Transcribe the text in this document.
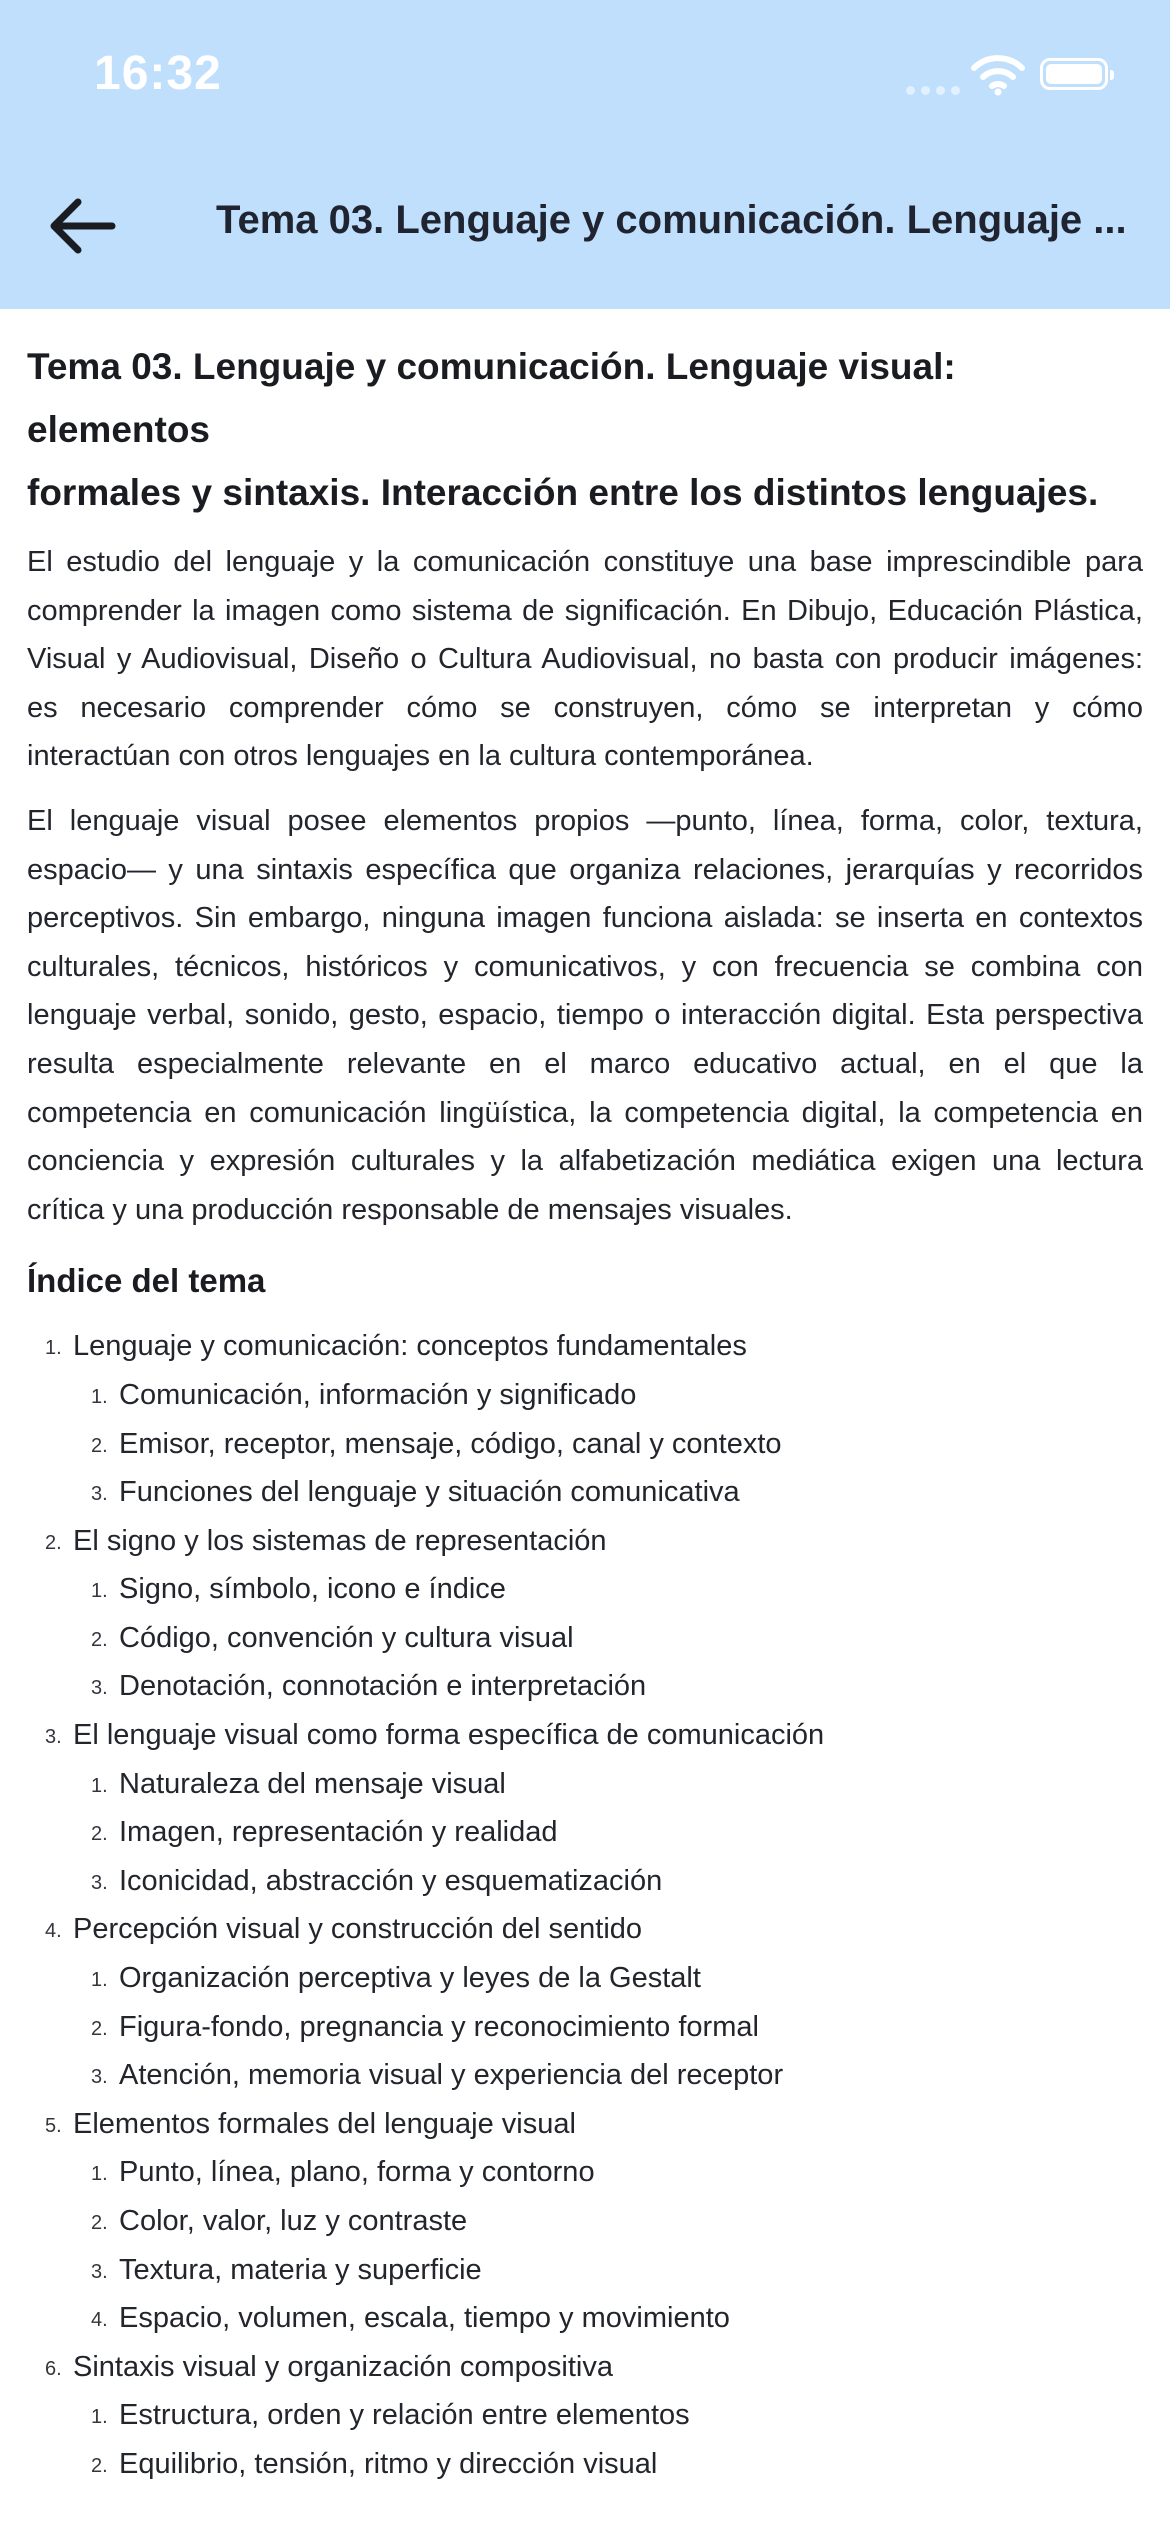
16:32
Tema 03. Lenguaje y comunicación. Lenguaje ...
Tema 03. Lenguaje y comunicación. Lenguaje visual: elementos
formales y sintaxis. Interacción entre los distintos lenguajes.

El estudio del lenguaje y la comunicación constituye una base imprescindible para comprender la imagen como sistema de significación. En Dibujo, Educación Plástica, Visual y Audiovisual, Diseño o Cultura Audiovisual, no basta con producir imágenes: es necesario comprender cómo se construyen, cómo se interpretan y cómo interactúan con otros lenguajes en la cultura contemporánea.

El lenguaje visual posee elementos propios —punto, línea, forma, color, textura, espacio— y una sintaxis específica que organiza relaciones, jerarquías y recorridos perceptivos. Sin embargo, ninguna imagen funciona aislada: se inserta en contextos culturales, técnicos, históricos y comunicativos, y con frecuencia se combina con lenguaje verbal, sonido, gesto, espacio, tiempo o interacción digital. Esta perspectiva resulta especialmente relevante en el marco educativo actual, en el que la competencia en comunicación lingüística, la competencia digital, la competencia en conciencia y expresión culturales y la alfabetización mediática exigen una lectura crítica y una producción responsable de mensajes visuales.

Índice del tema
1. Lenguaje y comunicación: conceptos fundamentales
1. Comunicación, información y significado
2. Emisor, receptor, mensaje, código, canal y contexto
3. Funciones del lenguaje y situación comunicativa
2. El signo y los sistemas de representación
1. Signo, símbolo, icono e índice
2. Código, convención y cultura visual
3. Denotación, connotación e interpretación
3. El lenguaje visual como forma específica de comunicación
1. Naturaleza del mensaje visual
2. Imagen, representación y realidad
3. Iconicidad, abstracción y esquematización
4. Percepción visual y construcción del sentido
1. Organización perceptiva y leyes de la Gestalt
2. Figura-fondo, pregnancia y reconocimiento formal
3. Atención, memoria visual y experiencia del receptor
5. Elementos formales del lenguaje visual
1. Punto, línea, plano, forma y contorno
2. Color, valor, luz y contraste
3. Textura, materia y superficie
4. Espacio, volumen, escala, tiempo y movimiento
6. Sintaxis visual y organización compositiva
1. Estructura, orden y relación entre elementos
2. Equilibrio, tensión, ritmo y dirección visual
